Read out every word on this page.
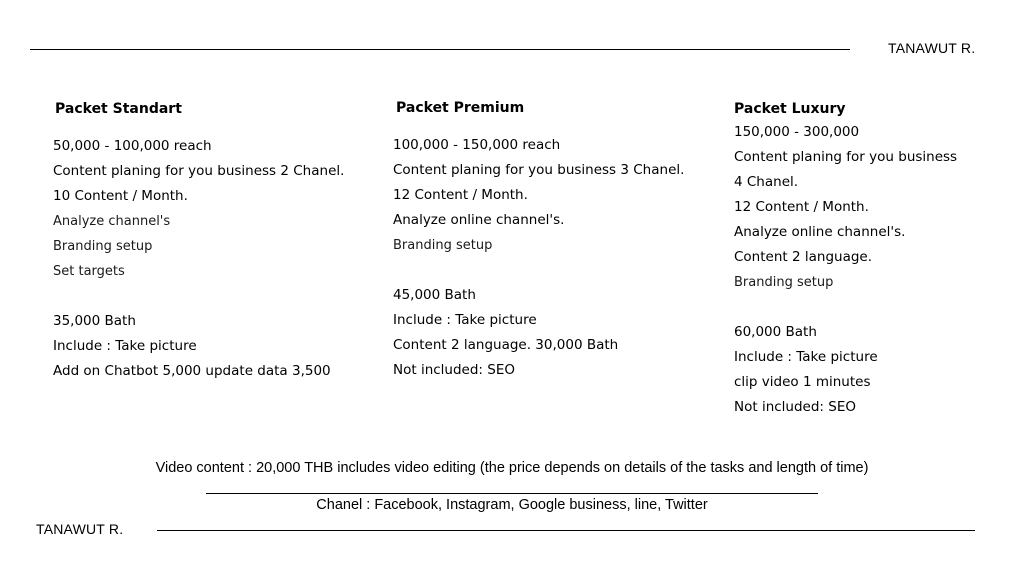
TANAWUT R.
Packet Standart
50,000 - 100,000 reach
Content planing for you business 2 Chanel.
10 Content / Month.
Analyze channel's
Branding setup
Set targets
35,000 Bath
Include : Take picture
Add on Chatbot 5,000 update data 3,500
Packet Premium
100,000 - 150,000 reach
Content planing for you business 3 Chanel.
12 Content / Month.
Analyze online channel's.
Branding setup
45,000 Bath
Include : Take picture
Content 2 language. 30,000 Bath
Not included: SEO
Packet Luxury
150,000 - 300,000
Content planing for you business
4 Chanel.
12 Content / Month.
Analyze online channel's.
Content 2 language.
Branding setup
60,000 Bath
Include : Take picture
clip video 1 minutes
Not included: SEO
Video content : 20,000 THB includes video editing (the price depends on details of the tasks and length of time)
Chanel : Facebook, Instagram, Google business, line, Twitter
TANAWUT R.
